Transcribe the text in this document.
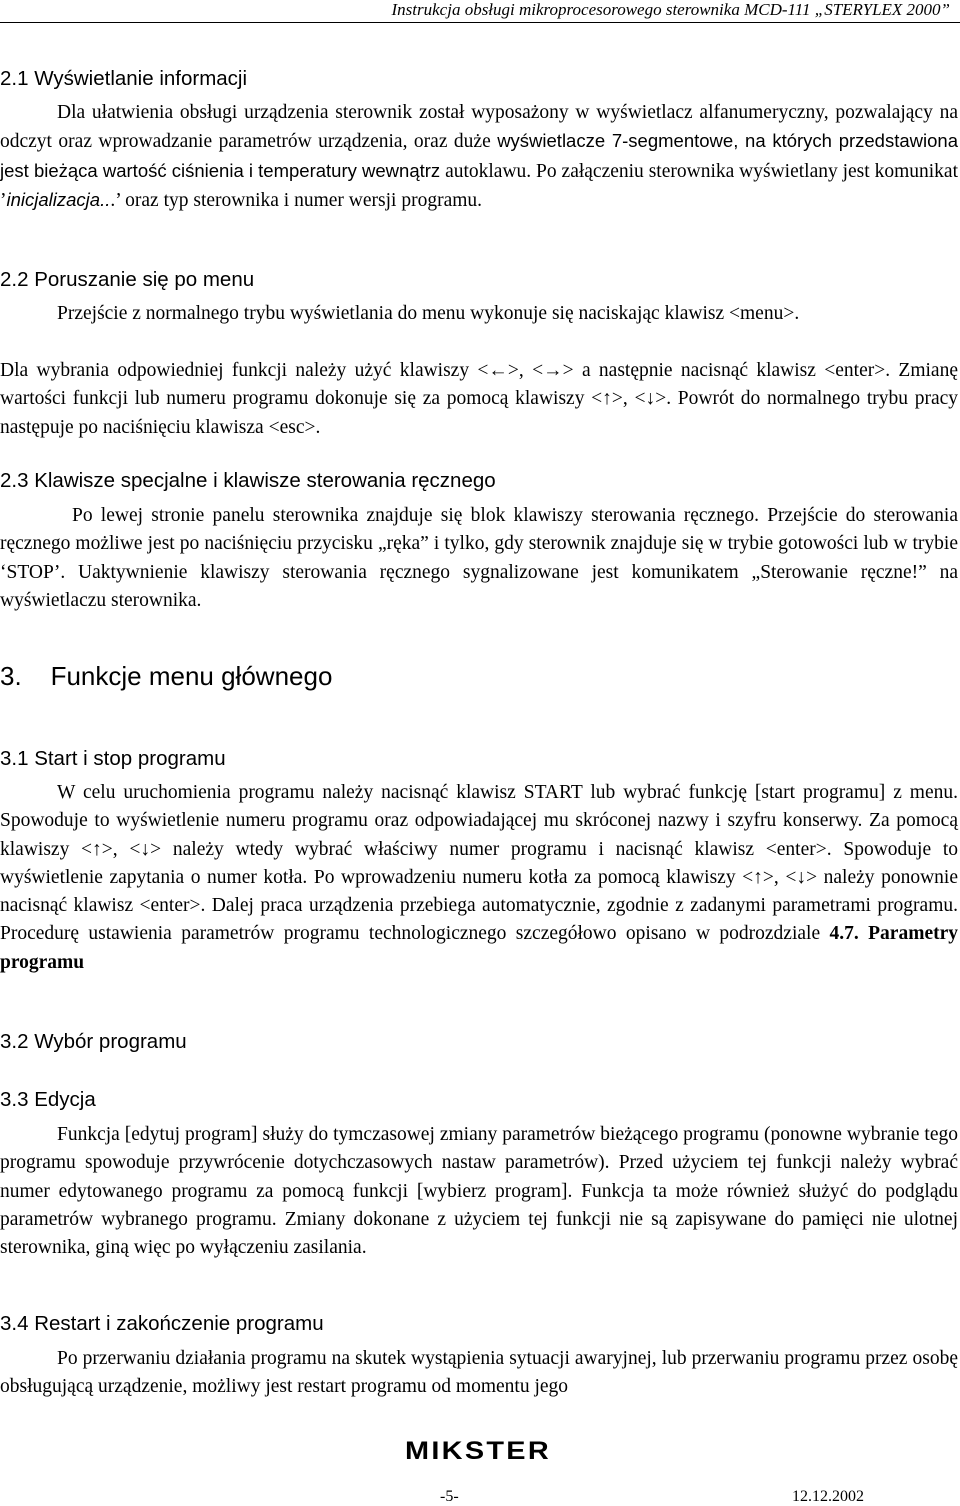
Instrukcja obsługi mikroprocesorowego sterownika MCD-111 „STERYLEX 2000”
2.1 Wyświetlanie informacji
Dla ułatwienia obsługi urządzenia sterownik został wyposażony w wyświetlacz alfanumeryczny, pozwalający na odczyt oraz wprowadzanie parametrów urządzenia, oraz duże wyświetlacze 7-segmentowe, na których przedstawiona jest bieżąca wartość ciśnienia i temperatury wewnątrz autoklawu. Po załączeniu sterownika wyświetlany jest komunikat ’inicjalizacja...’ oraz typ sterownika i numer wersji programu.
2.2 Poruszanie się po menu
Przejście z normalnego trybu wyświetlania do menu wykonuje się naciskając klawisz <menu>.
Dla wybrania odpowiedniej funkcji należy użyć klawiszy <←>, <→> a następnie nacisnąć klawisz <enter>. Zmianę wartości funkcji lub numeru programu dokonuje się za pomocą klawiszy <↑>, <↓>. Powrót do normalnego trybu pracy następuje po naciśnięciu klawisza <esc>.
2.3 Klawisze specjalne i klawisze sterowania ręcznego
Po lewej stronie panelu sterownika znajduje się blok klawiszy sterowania ręcznego. Przejście do sterowania ręcznego możliwe jest po naciśnięciu przycisku „ręka” i tylko, gdy sterownik znajduje się w trybie gotowości lub w trybie ‘STOP’. Uaktywnienie klawiszy sterowania ręcznego sygnalizowane jest komunikatem „Sterowanie ręczne!” na wyświetlaczu sterownika.
3.    Funkcje menu głównego
3.1 Start i stop programu
W celu uruchomienia programu należy nacisnąć klawisz START lub wybrać funkcję [start programu] z menu. Spowoduje to wyświetlenie numeru programu oraz odpowiadającej mu skróconej nazwy i szyfru konserwy. Za pomocą klawiszy <↑>, <↓> należy wtedy wybrać właściwy numer programu i nacisnąć klawisz <enter>. Spowoduje to wyświetlenie zapytania o numer kotła. Po wprowadzeniu numeru kotła za pomocą klawiszy <↑>, <↓> należy ponownie nacisnąć klawisz <enter>. Dalej praca urządzenia przebiega automatycznie, zgodnie z zadanymi parametrami programu. Procedurę ustawienia parametrów programu technologicznego szczegółowo opisano w podrozdziale 4.7. Parametry programu
3.2 Wybór programu
3.3 Edycja
Funkcja [edytuj program] służy do tymczasowej zmiany parametrów bieżącego programu (ponowne wybranie tego programu spowoduje przywrócenie dotychczasowych nastaw parametrów). Przed użyciem tej funkcji należy wybrać numer edytowanego programu za pomocą funkcji [wybierz program]. Funkcja ta może również służyć do podglądu parametrów wybranego programu. Zmiany dokonane z użyciem tej funkcji nie są zapisywane do pamięci nie ulotnej sterownika, giną więc po wyłączeniu zasilania.
3.4 Restart i zakończenie programu
Po przerwaniu działania programu na skutek wystąpienia sytuacji awaryjnej, lub przerwaniu programu przez osobę obsługującą urządzenie, możliwy jest restart programu od momentu jego
MIKSTER
-5-	12.12.2002
